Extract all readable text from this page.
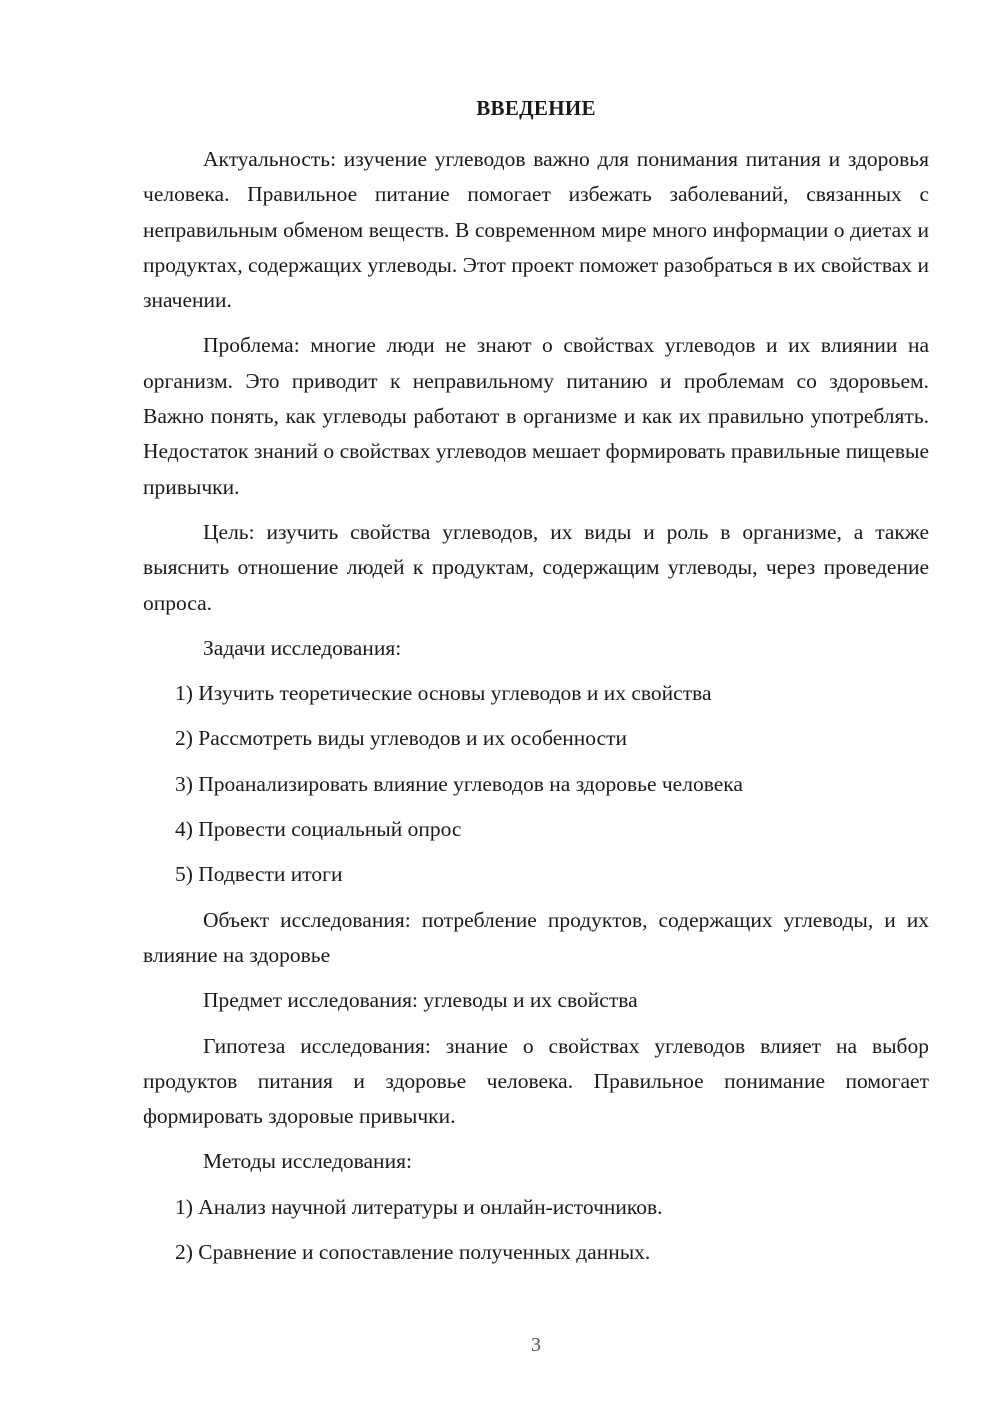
ВВЕДЕНИЕ

Актуальность: изучение углеводов важно для понимания питания и здоровья человека. Правильное питание помогает избежать заболеваний, связанных с неправильным обменом веществ. В современном мире много информации о диетах и продуктах, содержащих углеводы. Этот проект поможет разобраться в их свойствах и значении.

Проблема: многие люди не знают о свойствах углеводов и их влиянии на организм. Это приводит к неправильному питанию и проблемам со здоровьем. Важно понять, как углеводы работают в организме и как их правильно употреблять. Недостаток знаний о свойствах углеводов мешает формировать правильные пищевые привычки.

Цель: изучить свойства углеводов, их виды и роль в организме, а также выяснить отношение людей к продуктам, содержащим углеводы, через проведение опроса.

Задачи исследования:

1) Изучить теоретические основы углеводов и их свойства

2) Рассмотреть виды углеводов и их особенности

3) Проанализировать влияние углеводов на здоровье человека

4) Провести социальный опрос

5) Подвести итоги

Объект исследования: потребление продуктов, содержащих углеводы, и их влияние на здоровье

Предмет исследования: углеводы и их свойства

Гипотеза исследования: знание о свойствах углеводов влияет на выбор продуктов питания и здоровье человека. Правильное понимание помогает формировать здоровые привычки.

Методы исследования:

1) Анализ научной литературы и онлайн-источников.

2) Сравнение и сопоставление полученных данных.

3
